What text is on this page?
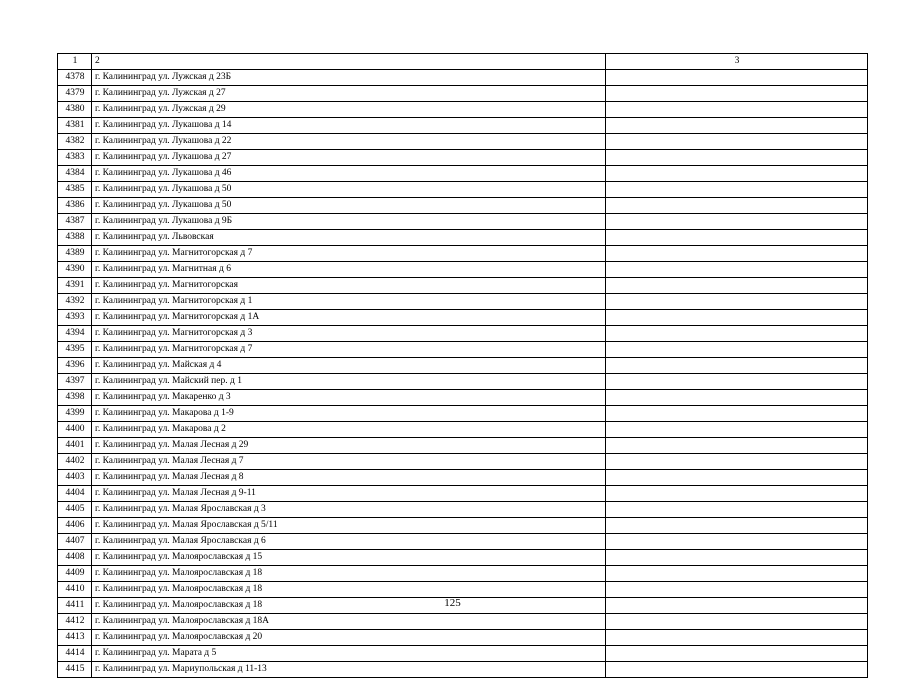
1	2	3
4378	г. Калининград ул. Лужская д 23Б	
4379	г. Калининград ул. Лужская д 27	
4380	г. Калининград ул. Лужская д 29	
4381	г. Калининград ул. Лукашова д 14	
4382	г. Калининград ул. Лукашова д 22	
4383	г. Калининград ул. Лукашова д 27	
4384	г. Калининград ул. Лукашова д 46	
4385	г. Калининград ул. Лукашова д 50	
4386	г. Калининград ул. Лукашова д 50	
4387	г. Калининград ул. Лукашова д 9Б	
4388	г. Калининград ул. Львовская	
4389	г. Калининград ул. Магнитогорская д 7	
4390	г. Калининград ул. Магнитная д 6	
4391	г. Калининград ул. Магнитогорская	
4392	г. Калининград ул. Магнитогорская д 1	
4393	г. Калининград ул. Магнитогорская д 1А	
4394	г. Калининград ул. Магнитогорская д 3	
4395	г. Калининград ул. Магнитогорская д 7	
4396	г. Калининград ул. Майская д 4	
4397	г. Калининград ул. Майский пер. д 1	
4398	г. Калининград ул. Макаренко д 3	
4399	г. Калининград ул. Макарова д 1-9	
4400	г. Калининград ул. Макарова д 2	
4401	г. Калининград ул. Малая Лесная д 29	
4402	г. Калининград ул. Малая Лесная д 7	
4403	г. Калининград ул. Малая Лесная д 8	
4404	г. Калининград ул. Малая Лесная д 9-11	
4405	г. Калининград ул. Малая Ярославская д 3	
4406	г. Калининград ул. Малая Ярославская д 5/11	
4407	г. Калининград ул. Малая Ярославская д 6	
4408	г. Калининград ул. Малоярославская д 15	
4409	г. Калининград ул. Малоярославская д 18	
4410	г. Калининград ул. Малоярославская д 18	
4411	г. Калининград ул. Малоярославская д 18	
4412	г. Калининград ул. Малоярославская д 18А	
4413	г. Калининград ул. Малоярославская д 20	
4414	г. Калининград ул. Марата д 5	
4415	г. Калининград ул. Мариупольская д 11-13	
125
